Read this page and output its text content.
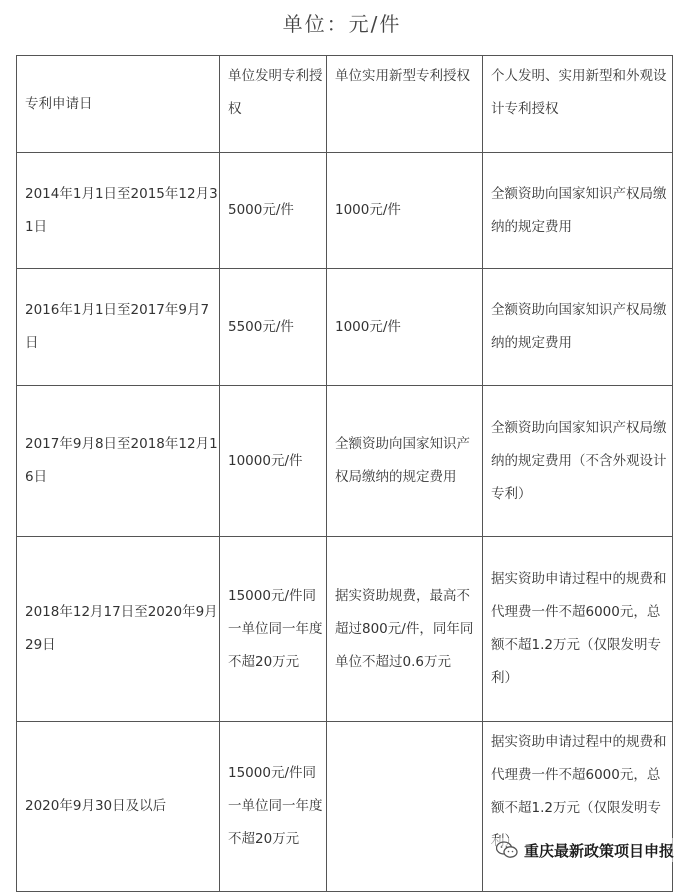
单位：元/件
专利申请日	单位发明专利授权	单位实用新型专利授权	个人发明、实用新型和外观设计专利授权
2014年1月1日至2015年12月31日	5000元/件	1000元/件	全额资助向国家知识产权局缴纳的规定费用
2016年1月1日至2017年9月7日	5500元/件	1000元/件	全额资助向国家知识产权局缴纳的规定费用
2017年9月8日至2018年12月16日	10000元/件	全额资助向国家知识产权局缴纳的规定费用	全额资助向国家知识产权局缴纳的规定费用（不含外观设计专利）
2018年12月17日至2020年9月29日	15000元/件同一单位同一年度不超20万元	据实资助规费，最高不超过800元/件，同年同单位不超过0.6万元	据实资助申请过程中的规费和代理费一件不超6000元，总额不超1.2万元（仅限发明专利）
2020年9月30日及以后	15000元/件同一单位同一年度不超20万元		据实资助申请过程中的规费和代理费一件不超6000元，总额不超1.2万元（仅限发明专
重庆最新政策项目申报
